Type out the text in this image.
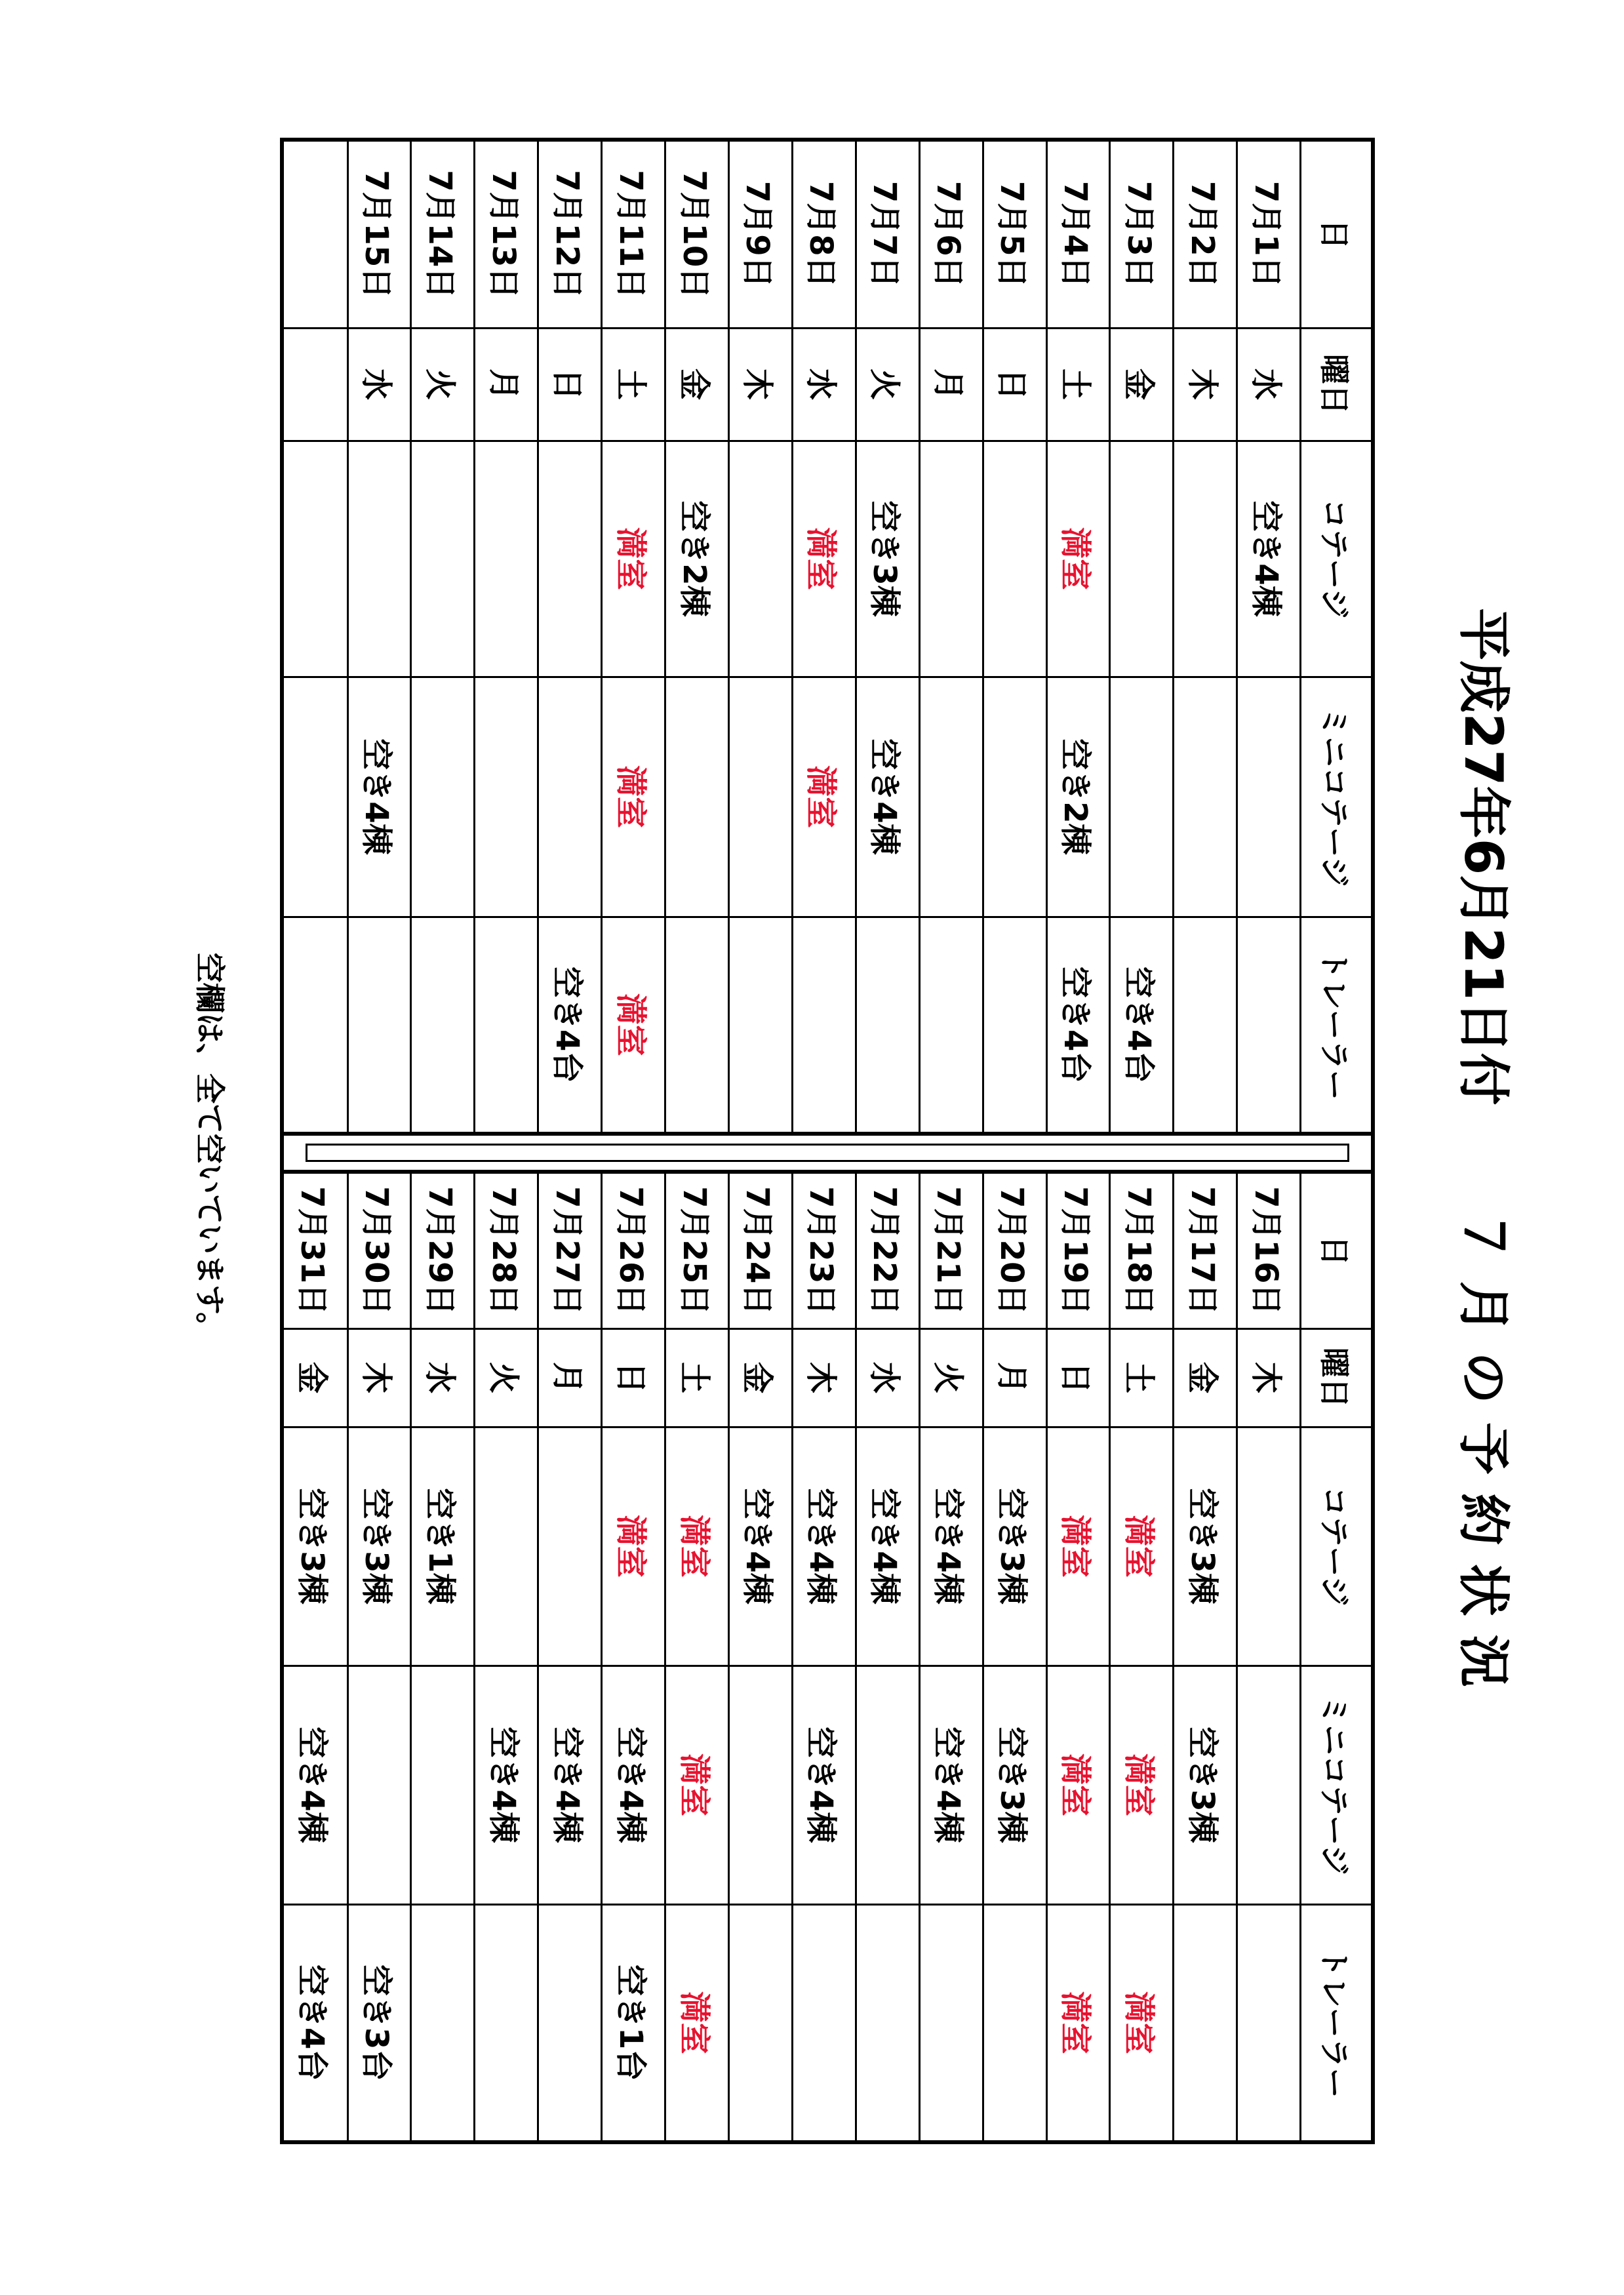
平成27年6月21日付　　７ 月 の 予 約 状 況
日	曜日	コテージ	ミニコテージ	トレーラー
7月1日	水	空き4棟		
7月2日	木			
7月3日	金			空き4台
7月4日	土	満室	空き2棟	空き4台
7月5日	日			
7月6日	月			
7月7日	火	空き3棟	空き4棟	
7月8日	水	満室	満室	
7月9日	木			
7月10日	金	空き2棟		
7月11日	土	満室	満室	満室
7月12日	日			空き4台
7月13日	月			
7月14日	火			
7月15日	水		空き4棟	

日	曜日	コテージ	ミニコテージ	トレーラー
7月16日	木			
7月17日	金	空き3棟	空き3棟	
7月18日	土	満室	満室	満室
7月19日	日	満室	満室	満室
7月20日	月	空き3棟	空き3棟	
7月21日	火	空き4棟	空き4棟	
7月22日	水	空き4棟		
7月23日	木	空き4棟	空き4棟	
7月24日	金	空き4棟		
7月25日	土	満室	満室	満室
7月26日	日	満室	空き4棟	空き1台
7月27日	月		空き4棟	
7月28日	火		空き4棟	
7月29日	水	空き1棟		
7月30日	木	空き3棟		空き3台
7月31日	金	空き3棟	空き4棟	空き4台
空欄は、全て空いています。
